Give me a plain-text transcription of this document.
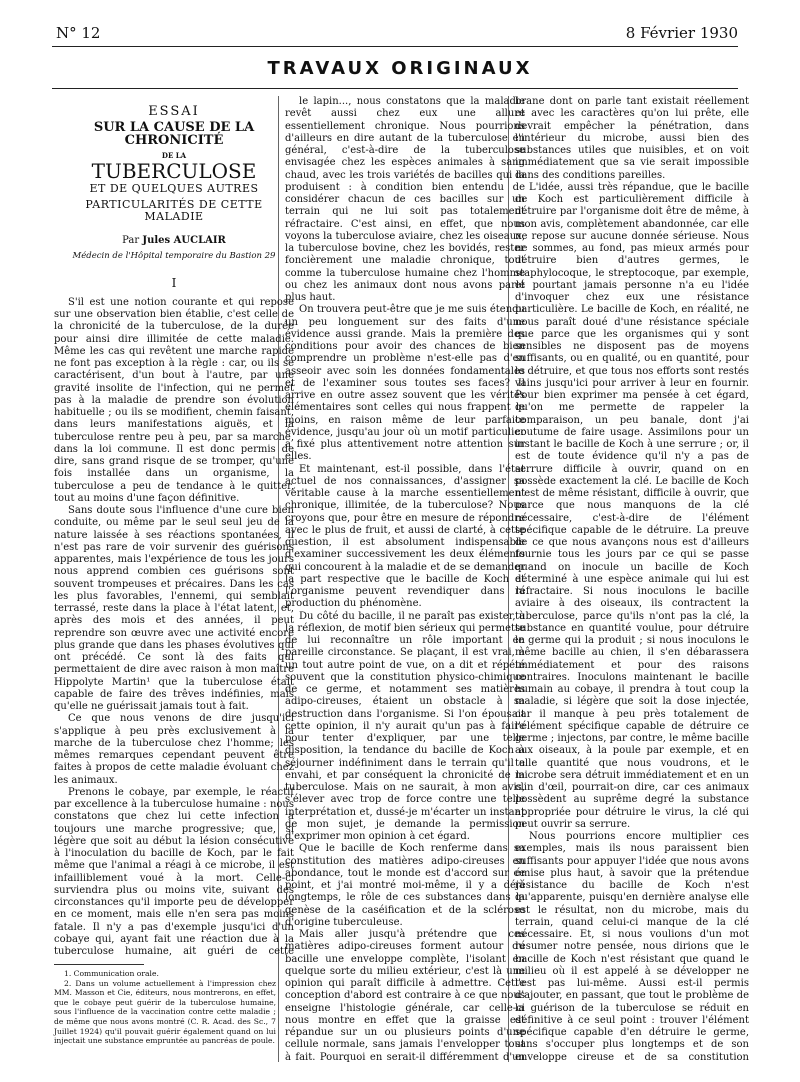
N° 12	8 Février 1930
TRAVAUX ORIGINAUX
ESSAI
SUR LA CAUSE DE LA CHRONICITÉ
DE LA
TUBERCULOSE
ET DE QUELQUES AUTRES
PARTICULARITÉS DE CETTE MALADIE
Par Jules AUCLAIR
Médecin de l'Hôpital temporaire du Bastion 29
I

S'il est une notion courante et qui repose sur une observation bien établie, c'est celle de la chronicité de la tuberculose, de la durée pour ainsi dire illimitée de cette maladie. Même les cas qui revêtent une marche rapide ne font pas exception à la règle : car, ou ils se caractérisent, d'un bout à l'autre, par une gravité insolite de l'infection, qui ne permet pas à la maladie de prendre son évolution habituelle ; ou ils se modifient, chemin faisant, dans leurs manifestations aiguës, et la tuberculose rentre peu à peu, par sa marche, dans la loi commune. Il est donc permis de dire, sans grand risque de se tromper, qu'une fois installée dans un organisme, la tuberculose a peu de tendance à le quitter, tout au moins d'une façon définitive.

Sans doute sous l'influence d'une cure bien conduite, ou même par le seul seul jeu de la nature laissée à ses réactions spontanées, il n'est pas rare de voir survenir des guérisons apparentes, mais l'expérience de tous les jours nous apprend combien ces guérisons sont souvent trompeuses et précaires. Dans les cas les plus favorables, l'ennemi, qui semblait terrassé, reste dans la place à l'état latent, et, après des mois et des années, il peut reprendre son œuvre avec une activité encore plus grande que dans les phases évolutives qui ont précédé. Ce sont là des faits qui permettaient de dire avec raison à mon maître Hippolyte Martin¹ que la tuberculose était capable de faire des trêves indéfinies, mais qu'elle ne guérissait jamais tout à fait.

Ce que nous venons de dire jusqu'ici s'applique à peu près exclusivement à la marche de la tuberculose chez l'homme; les mêmes remarques cependant peuvent être faites à propos de cette maladie évoluant chez les animaux.

Prenons le cobaye, par exemple, le réactif par excellence à la tuberculose humaine : nous constatons que chez lui cette infection a toujours une marche progressive; que, si légère que soit au début la lésion consécutive à l'inoculation du bacille de Koch, par le fait même que l'animal a réagi à ce microbe, il est infailliblement voué à la mort. Celle-ci surviendra plus ou moins vite, suivant des circonstances qu'il importe peu de développer en ce moment, mais elle n'en sera pas moins fatale. Il n'y a pas d'exemple jusqu'ici d'un cobaye qui, ayant fait une réaction due à la tuberculose humaine, ait guéri de cette

1. Communication orale.

2. Dans un volume actuellement à l'impression chez MM. Masson et Cie, éditeurs, nous montrerons, en effet, que le cobaye peut guérir de la tuberculose humaine, sous l'influence de la vaccination contre cette maladie ; de même que nous avons montré (C. R. Acad. des Sc., 7 Juillet 1924) qu'il pouvait guérir également quand on lui injectait une substance empruntée au pancréas de poule.

le lapin..., nous constatons que la maladie revêt aussi chez eux une allure essentiellement chronique. Nous pourrions d'ailleurs en dire autant de la tuberculose en général, c'est-à-dire de la tuberculose envisagée chez les espèces animales à sang chaud, avec les trois variétés de bacilles qui la produisent : à condition bien entendu de considérer chacun de ces bacilles sur un terrain qui ne lui soit pas totalement réfractaire. C'est ainsi, en effet, que nous voyons la tuberculose aviaire, chez les oiseaux, la tuberculose bovine, chez les bovidés, rester foncièrement une maladie chronique, tout comme la tuberculose humaine chez l'homme ou chez les animaux dont nous avons parlé plus haut.

On trouvera peut-être que je me suis étendu un peu longuement sur des faits d'une évidence aussi grande. Mais la première des conditions pour avoir des chances de bien comprendre un problème n'est-elle pas d'en asseoir avec soin les données fondamentales et de l'examiner sous toutes ses faces? Il arrive en outre assez souvent que les vérités élémentaires sont celles qui nous frappent le moins, en raison même de leur parfaite évidence, jusqu'au jour où un motif particulier a fixé plus attentivement notre attention sur elles.

Et maintenant, est-il possible, dans l'état actuel de nos connaissances, d'assigner sa véritable cause à la marche essentiellement chronique, illimitée, de la tuberculose? Nous croyons que, pour être en mesure de répondre avec le plus de fruit, et aussi de clarté, à cette question, il est absolument indispensable d'examiner successivement les deux éléments qui concourent à la maladie et de se demander la part respective que le bacille de Koch et l'organisme peuvent revendiquer dans la production du phénomène.

Du côté du bacille, il ne paraît pas exister, à la réflexion, de motif bien sérieux qui permette de lui reconnaître un rôle important en pareille circonstance. Se plaçant, il est vrai, à un tout autre point de vue, on a dit et répété souvent que la constitution physico-chimique de ce germe, et notamment ses matières adipo-cireuses, étaient un obstacle à sa destruction dans l'organisme. Si l'on épousait cette opinion, il n'y aurait qu'un pas à faire pour tenter d'expliquer, par une telle disposition, la tendance du bacille de Koch à séjourner indéfiniment dans le terrain qu'il a envahi, et par conséquent la chronicité de la tuberculose. Mais on ne saurait, à mon avis, s'élever avec trop de force contre une telle interprétation et, dussé-je m'écarter un instant de mon sujet, je demande la permission d'exprimer mon opinion à cet égard.

Que le bacille de Koch renferme dans sa constitution des matières adipo-cireuses en abondance, tout le monde est d'accord sur ce point, et j'ai montré moi-même, il y a déjà longtemps, le rôle de ces substances dans la genèse de la caséification et de la sclérose d'origine tuberculeuse.

Mais aller jusqu'à prétendre que ces matières adipo-cireuses forment autour du bacille une enveloppe complète, l'isolant en quelque sorte du milieu extérieur, c'est là une opinion qui paraît difficile à admettre. Cette conception d'abord est contraire à ce que nous enseigne l'histologie générale, car celle-ci nous montre en effet que la graisse est répandue sur un ou plusieurs points d'une cellule normale, sans jamais l'envelopper tout à fait. Pourquoi en serait-il différemment d'un

brane dont on parle tant existait réellement et avec les caractères qu'on lui prête, elle devrait empêcher la pénétration, dans l'intérieur du microbe, aussi bien des substances utiles que nuisibles, et on voit immédiatement que sa vie serait impossible dans des conditions pareilles.

L'idée, aussi très répandue, que le bacille de Koch est particulièrement difficile à détruire par l'organisme doit être de même, à mon avis, complètement abandonnée, car elle ne repose sur aucune donnée sérieuse. Nous ne sommes, au fond, pas mieux armés pour détruire bien d'autres germes, le staphylocoque, le streptocoque, par exemple, et pourtant jamais personne n'a eu l'idée d'invoquer chez eux une résistance particulière. Le bacille de Koch, en réalité, ne nous paraît doué d'une résistance spéciale que parce que les organismes qui y sont sensibles ne disposent pas de moyens suffisants, ou en qualité, ou en quantité, pour le détruire, et que tous nos efforts sont restés vains jusqu'ici pour arriver à leur en fournir. Pour bien exprimer ma pensée à cet égard, qu'on me permette de rappeler la comparaison, un peu banale, dont j'ai coutume de faire usage. Assimilons pour un instant le bacille de Koch à une serrure ; or, il est de toute évidence qu'il n'y a pas de serrure difficile à ouvrir, quand on en possède exactement la clé. Le bacille de Koch n'est de même résistant, difficile à ouvrir, que parce que nous manquons de la clé nécessaire, c'est-à-dire de l'élément spécifique capable de le détruire. La preuve de ce que nous avançons nous est d'ailleurs fournie tous les jours par ce qui se passe quand on inocule un bacille de Koch déterminé à une espèce animale qui lui est réfractaire. Si nous inoculons le bacille aviaire à des oiseaux, ils contractent la tuberculose, parce qu'ils n'ont pas la clé, la substance en quantité voulue, pour détruire le germe qui la produit ; si nous inoculons le même bacille au chien, il s'en débarassera immédiatement et pour des raisons contraires. Inoculons maintenant le bacille humain au cobaye, il prendra à tout coup la maladie, si légère que soit la dose injectée, car il manque à peu près totalement de l'élément spécifique capable de détruire ce germe ; injectons, par contre, le même bacille aux oiseaux, à la poule par exemple, et en telle quantité que nous voudrons, et le microbe sera détruit immédiatement et en un clin d'œil, pourrait-on dire, car ces animaux possèdent au suprême degré la substance appropriée pour détruire le virus, la clé qui peut ouvrir sa serrure.

Nous pourrions encore multiplier ces exemples, mais ils nous paraissent bien suffisants pour appuyer l'idée que nous avons émise plus haut, à savoir que la prétendue résistance du bacille de Koch n'est qu'apparente, puisqu'en dernière analyse elle est le résultat, non du microbe, mais du terrain, quand celui-ci manque de la clé nécessaire. Et, si nous voulions d'un mot résumer notre pensée, nous dirions que le bacille de Koch n'est résistant que quand le milieu où il est appelé à se développer ne l'est pas lui-même. Aussi est-il permis d'ajouter, en passant, que tout le problème de la guérison de la tuberculose se réduit en définitive à ce seul point : trouver l'élément spécifique capable d'en détruire le germe, sans s'occuper plus longtemps et de son enveloppe cireuse et de sa constitution
